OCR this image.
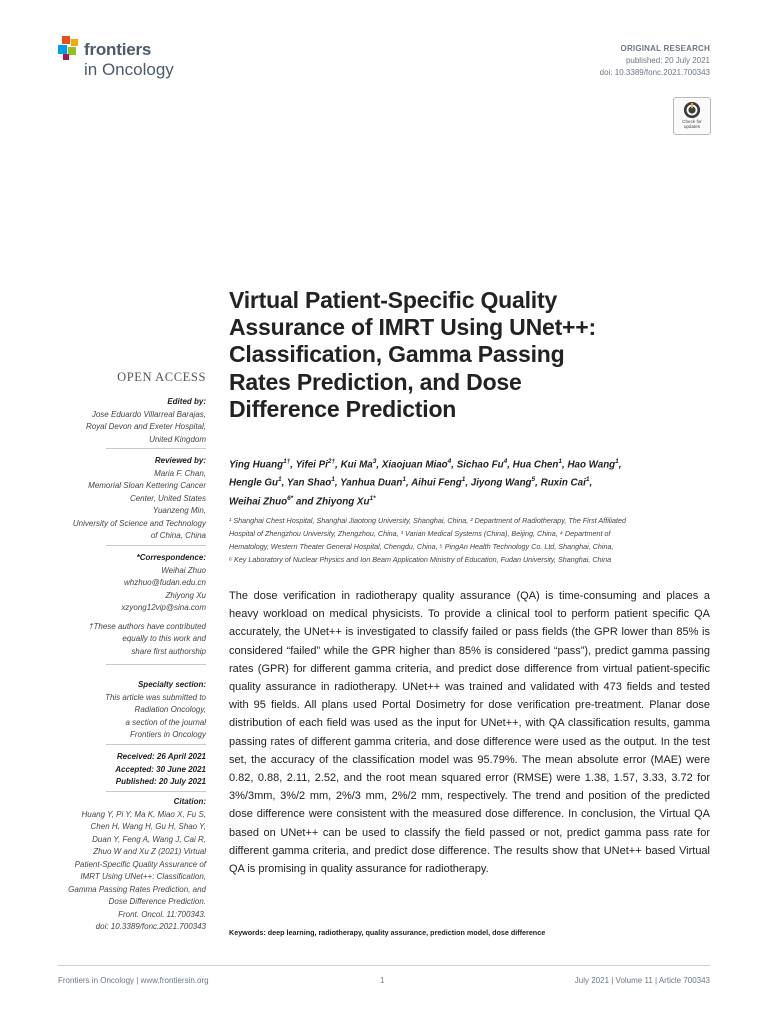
frontiers
in Oncology
ORIGINAL RESEARCH
published: 20 July 2021
doi: 10.3389/fonc.2021.700343
Check for updates
OPEN ACCESS
Edited by:
Jose Eduardo Villarreal Barajas,
Royal Devon and Exeter Hospital,
United Kingdom
Reviewed by:
Maria F. Chan,
Memorial Sloan Kettering Cancer
Center, United States
Yuanzeng Min,
University of Science and Technology
of China, China
*Correspondence:
Weihai Zhuo
whzhuo@fudan.edu.cn
Zhiyong Xu
xzyong12vip@sina.com
†These authors have contributed
equally to this work and
share first authorship
Specialty section:
This article was submitted to
Radiation Oncology,
a section of the journal
Frontiers in Oncology
Received: 26 April 2021
Accepted: 30 June 2021
Published: 20 July 2021
Citation:
Huang Y, Pi Y, Ma K, Miao X, Fu S,
Chen H, Wang H, Gu H, Shao Y,
Duan Y, Feng A, Wang J, Cai R,
Zhuo W and Xu Z (2021) Virtual
Patient-Specific Quality Assurance of
IMRT Using UNet++: Classification,
Gamma Passing Rates Prediction, and
Dose Difference Prediction.
Front. Oncol. 11:700343.
doi: 10.3389/fonc.2021.700343
Virtual Patient-Specific Quality
Assurance of IMRT Using UNet++:
Classification, Gamma Passing
Rates Prediction, and Dose
Difference Prediction
Ying Huang$^{1\dagger}$, Yifei $Pi^{2\dagger}$, Kui Ma$^3$, Xiaojuan Miao$^4$, Sichao Fu$^4$, Hua Chen$^1$, Hao Wang$^1$,
Hengle Gu$^1$, Yan Shao$^1$, Yanhua Duan$^1$, Aihui Feng$^1$, Jiyong Wang$^5$, Ruxin Cai$^1$,
Weihai Zhuo$^{6*}$ and Zhiyong $Xu^{1*}$
¹ Shanghai Chest Hospital, Shanghai Jiaotong University, Shanghai, China, ² Department of Radiotherapy, The First Affiliated
Hospital of Zhengzhou University, Zhengzhou, China, ³ Varian Medical Systems (China), Beijing, China, ⁴ Department of
Hematology, Western Theater General Hospital, Chengdu, China, ⁵ PingAn Health Technology Co. Ltd, Shanghai, China,
⁶ Key Laboratory of Nuclear Physics and Ion Beam Application Ministry of Education, Fudan University, Shanghai, China
The dose verification in radiotherapy quality assurance (QA) is time-consuming and places a heavy workload on medical physicists. To provide a clinical tool to perform patient specific QA accurately, the UNet++ is investigated to classify failed or pass fields (the GPR lower than 85% is considered “failed” while the GPR higher than 85% is considered “pass”), predict gamma passing rates (GPR) for different gamma criteria, and predict dose difference from virtual patient-specific quality assurance in radiotherapy. UNet++ was trained and validated with 473 fields and tested with 95 fields. All plans used Portal Dosimetry for dose verification pre-treatment. Planar dose distribution of each field was used as the input for UNet++, with QA classification results, gamma passing rates of different gamma criteria, and dose difference were used as the output. In the test set, the accuracy of the classification model was 95.79%. The mean absolute error (MAE) were 0.82, 0.88, 2.11, 2.52, and the root mean squared error (RMSE) were 1.38, 1.57, 3.33, 3.72 for 3%/3mm, 3%/2 mm, 2%/3 mm, 2%/2 mm, respectively. The trend and position of the predicted dose difference were consistent with the measured dose difference. In conclusion, the Virtual QA based on UNet++ can be used to classify the field passed or not, predict gamma pass rate for different gamma criteria, and predict dose difference. The results show that UNet++ based Virtual QA is promising in quality assurance for radiotherapy.
Keywords: deep learning, radiotherapy, quality assurance, prediction model, dose difference
Frontiers in Oncology | www.frontiersin.org	1	July 2021 | Volume 11 | Article 700343
